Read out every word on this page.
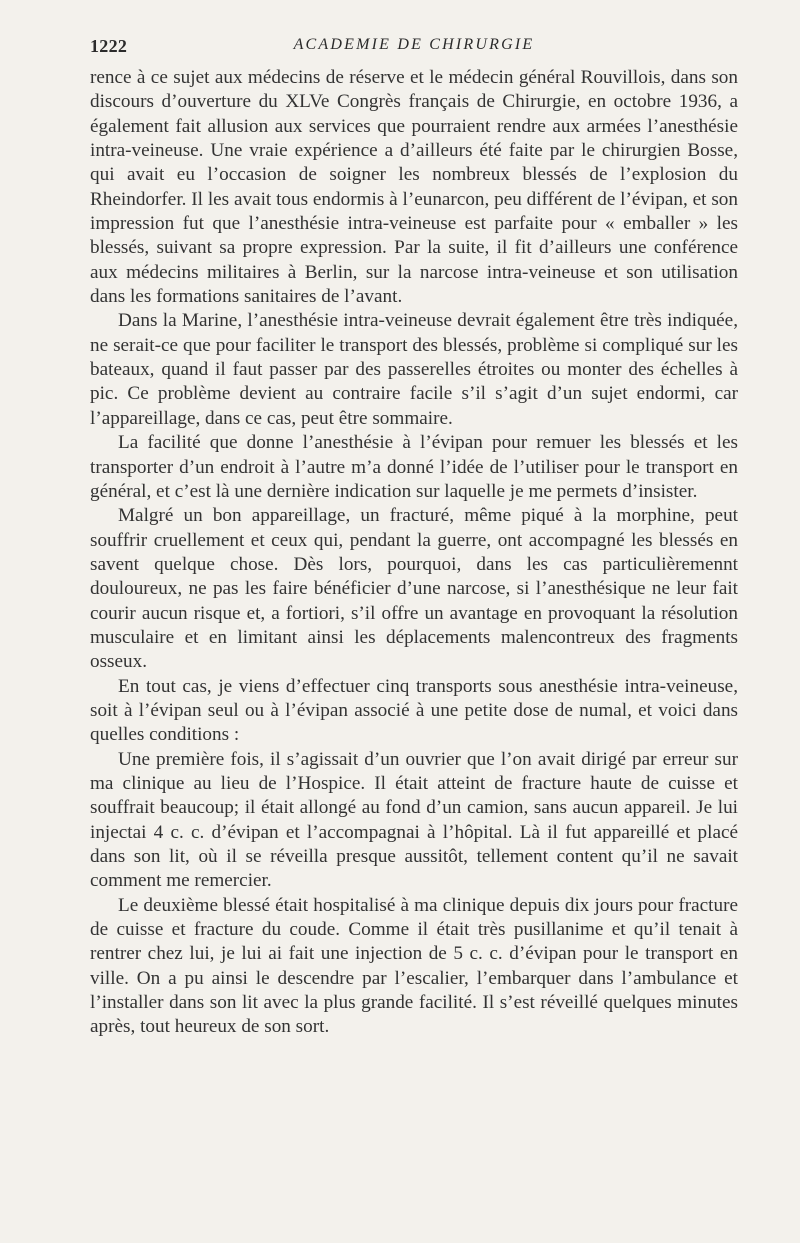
1222	ACADEMIE DE CHIRURGIE

rence à ce sujet aux médecins de réserve et le médecin général Rouvillois, dans son discours d’ouverture du XLVe Congrès français de Chirurgie, en octobre 1936, a également fait allusion aux services que pourraient rendre aux armées l’anesthésie intra-veineuse. Une vraie expérience a d’ailleurs été faite par le chirurgien Bosse, qui avait eu l’occasion de soigner les nombreux blessés de l’explosion du Rheindorfer. Il les avait tous endormis à l’eunarcon, peu différent de l’évipan, et son impression fut que l’anesthésie intra-veineuse est parfaite pour « emballer » les blessés, suivant sa propre expression. Par la suite, il fit d’ailleurs une conférence aux médecins militaires à Berlin, sur la narcose intra-veineuse et son utilisation dans les formations sanitaires de l’avant.

Dans la Marine, l’anesthésie intra-veineuse devrait également être très indiquée, ne serait-ce que pour faciliter le transport des blessés, problème si compliqué sur les bateaux, quand il faut passer par des passerelles étroites ou monter des échelles à pic. Ce problème devient au contraire facile s’il s’agit d’un sujet endormi, car l’appareillage, dans ce cas, peut être sommaire.

La facilité que donne l’anesthésie à l’évipan pour remuer les blessés et les transporter d’un endroit à l’autre m’a donné l’idée de l’utiliser pour le transport en général, et c’est là une dernière indication sur laquelle je me permets d’insister.

Malgré un bon appareillage, un fracturé, même piqué à la morphine, peut souffrir cruellement et ceux qui, pendant la guerre, ont accompagné les blessés en savent quelque chose. Dès lors, pourquoi, dans les cas particulièremennt douloureux, ne pas les faire bénéficier d’une narcose, si l’anesthésique ne leur fait courir aucun risque et, a fortiori, s’il offre un avantage en provoquant la résolution musculaire et en limitant ainsi les déplacements malencontreux des fragments osseux.

En tout cas, je viens d’effectuer cinq transports sous anesthésie intra-veineuse, soit à l’évipan seul ou à l’évipan associé à une petite dose de numal, et voici dans quelles conditions :

Une première fois, il s’agissait d’un ouvrier que l’on avait dirigé par erreur sur ma clinique au lieu de l’Hospice. Il était atteint de fracture haute de cuisse et souffrait beaucoup; il était allongé au fond d’un camion, sans aucun appareil. Je lui injectai 4 c. c. d’évipan et l’accompagnai à l’hôpital. Là il fut appareillé et placé dans son lit, où il se réveilla presque aussitôt, tellement content qu’il ne savait comment me remercier.

Le deuxième blessé était hospitalisé à ma clinique depuis dix jours pour fracture de cuisse et fracture du coude. Comme il était très pusillanime et qu’il tenait à rentrer chez lui, je lui ai fait une injection de 5 c. c. d’évipan pour le transport en ville. On a pu ainsi le descendre par l’escalier, l’embarquer dans l’ambulance et l’installer dans son lit avec la plus grande facilité. Il s’est réveillé quelques minutes après, tout heureux de son sort.
